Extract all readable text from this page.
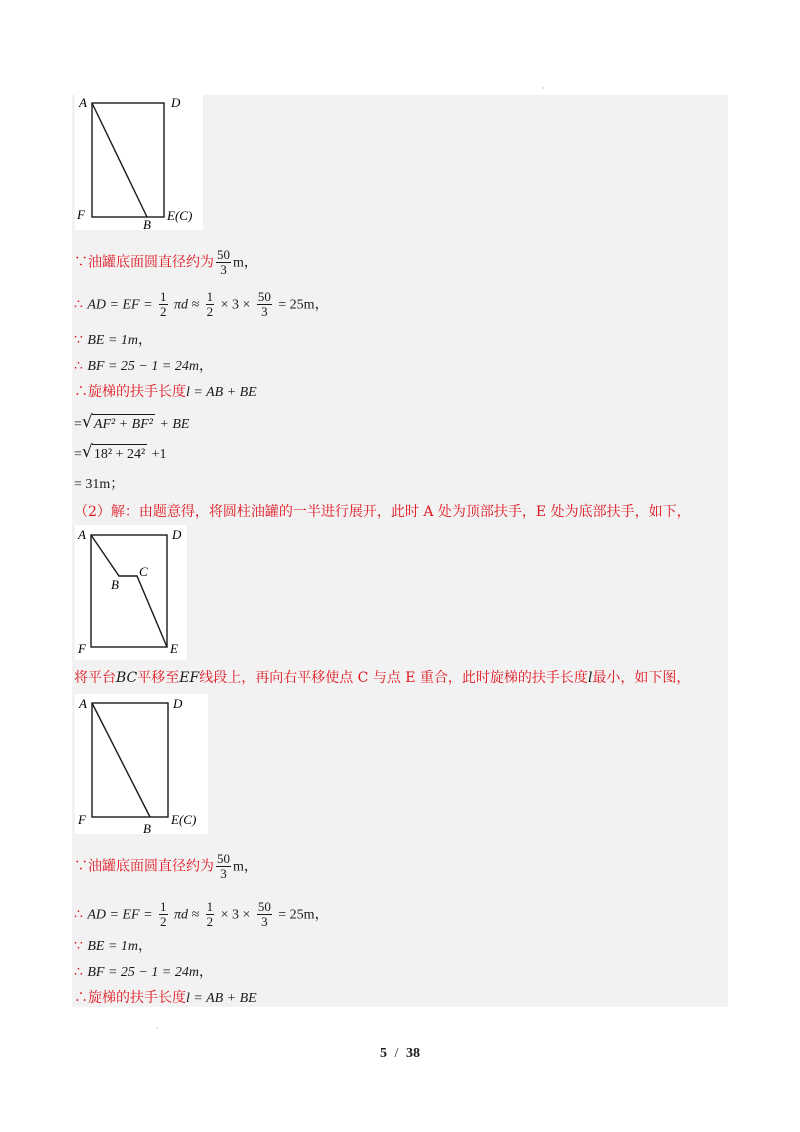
·
A	D
F
B
E(C)
∵油罐底面圆直径约为 $\frac{50}{3}$ m，
∴ AD = EF = $\frac{1}{2}$ $\pi d \approx \frac{1}{2} \times 3 \times \frac{50}{3} = 25m$，
∵ BE = 1m，
∴ BF = 25 − 1 = 24m，
∴旋梯的扶手长度l = AB + BE
= √ AF² + BF² + BE
= √ 18² + 24² +1
= 31m；
（2）解：由题意得，将圆柱油罐的一半进行展开，此时 A 处为顶部扶手，E 处为底部扶手，如下，
A	D
B
C
F	E
将平台BC平移至EF线段上，再向右平移使点 C 与点 E 重合，此时旋梯的扶手长度l最小，如下图，
A	D
F
B
E(C)
∵油罐底面圆直径约为 $\frac{50}{3}$ m，
∴ AD = EF = $\frac{1}{2}$ $\pi d \approx \frac{1}{2} \times 3 \times \frac{50}{3} = 25m$，
∵ BE = 1m，
∴ BF = 25 − 1 = 24m，
∴旋梯的扶手长度l = AB + BE
·
5 / 38
